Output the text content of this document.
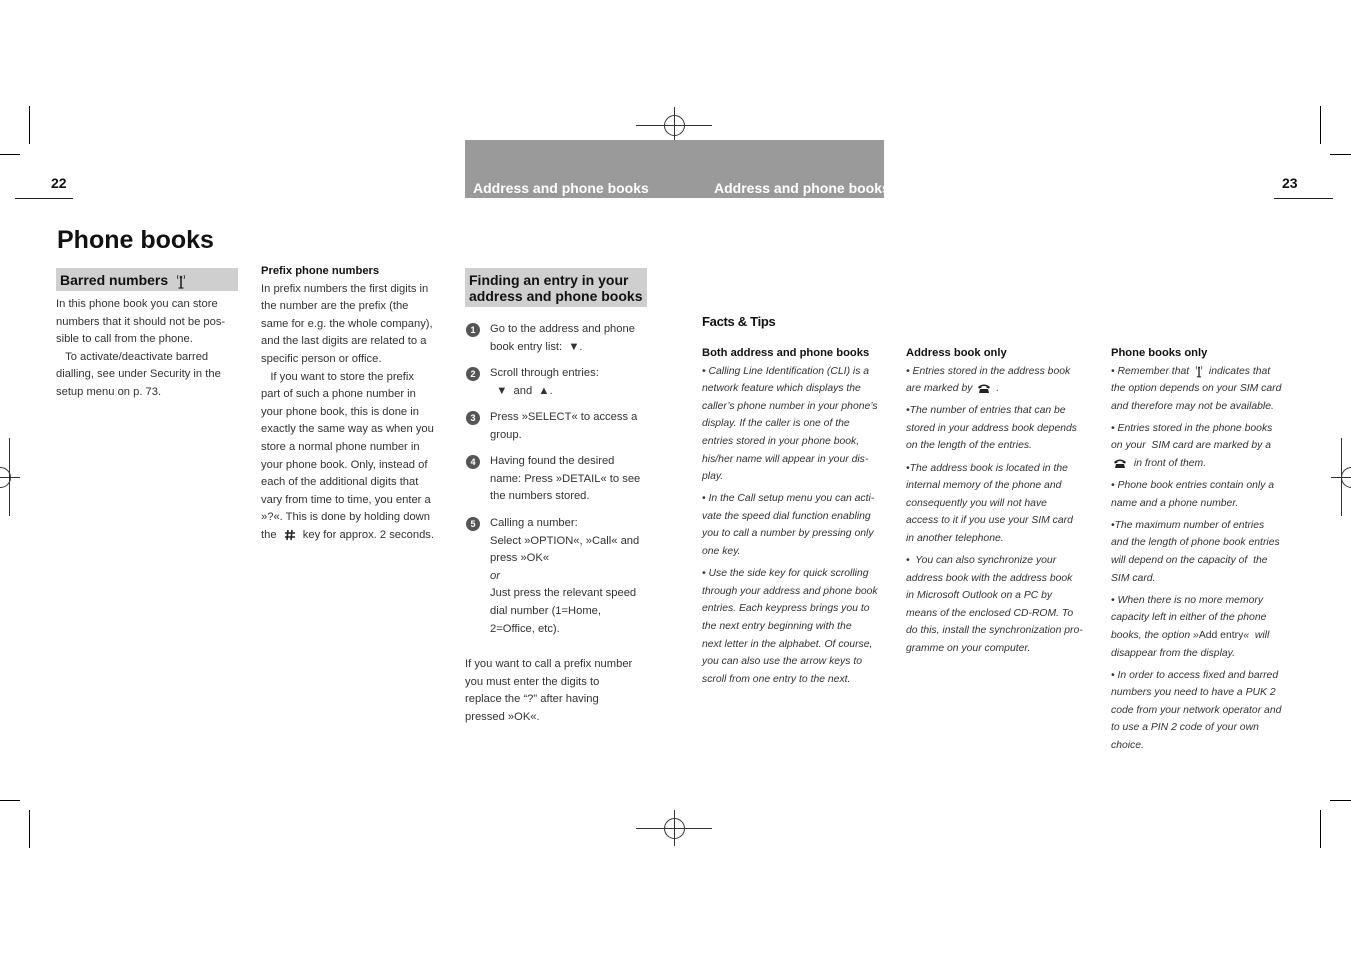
22	23
Address and phone books	Address and phone books
Phone books
Barred numbers

In this phone book you can store

numbers that it should not be pos-

sible to call from the phone.

To activate/deactivate barred

dialling, see under Security in the

setup menu on p. 73.

Prefix phone numbers

In prefix numbers the first digits in

the number are the prefix (the

same for e.g. the whole company),

and the last digits are related to a

specific person or office.

If you want to store the prefix

part of such a phone number in

your phone book, this is done in

exactly the same way as when you

store a normal phone number in

your phone book. Only, instead of

each of the additional digits that

vary from time to time, you enter a

»?«. This is done by holding down

the key for approx. 2 seconds.

Finding an entry in your
address and phone books
1	Go to the address and phone

book entry list:  ▼.

2	Scroll through entries:

▼  and  ▲.

3	Press »SELECT« to access a

group.

4	Having found the desired

name: Press »DETAIL« to see

the numbers stored.

5	Calling a number:

Select »OPTION«, »Call« and

press »OK«

or

Just press the relevant speed

dial number (1=Home,

2=Office, etc).

If you want to call a prefix number

you must enter the digits to

replace the “?” after having

pressed »OK«.

Facts & Tips

Both address and phone books

• Calling Line Identification (CLI) is a
network feature which displays the
caller’s phone number in your phone’s
display. If the caller is one of the
entries stored in your phone book,
his/her name will appear in your dis-
play.

• In the Call setup menu you can acti-
vate the speed dial function enabling
you to call a number by pressing only
one key.

• Use the side key for quick scrolling
through your address and phone book
entries. Each keypress brings you to
the next entry beginning with the
next letter in the alphabet. Of course,
you can also use the arrow keys to
scroll from one entry to the next.

Address book only

• Entries stored in the address book
are marked by  .

•The number of entries that can be
stored in your address book depends
on the length of the entries.

•The address book is located in the
internal memory of the phone and
consequently you will not have
access to it if you use your SIM card
in another telephone.

•  You can also synchronize your
address book with the address book
in Microsoft Outlook on a PC by
means of the enclosed CD-ROM. To
do this, install the synchronization pro-
gramme on your computer.

Phone books only

• Remember that indicates that
the option depends on your SIM card
and therefore may not be available.

• Entries stored in the phone books
on your  SIM card are marked by a
in front of them.

• Phone book entries contain only a
name and a phone number.

•The maximum number of entries
and the length of phone book entries
will depend on the capacity of  the
SIM card.

• When there is no more memory
capacity left in either of the phone
books, the option »Add entry«  will
disappear from the display.

• In order to access fixed and barred
numbers you need to have a PUK 2
code from your network operator and
to use a PIN 2 code of your own
choice.
